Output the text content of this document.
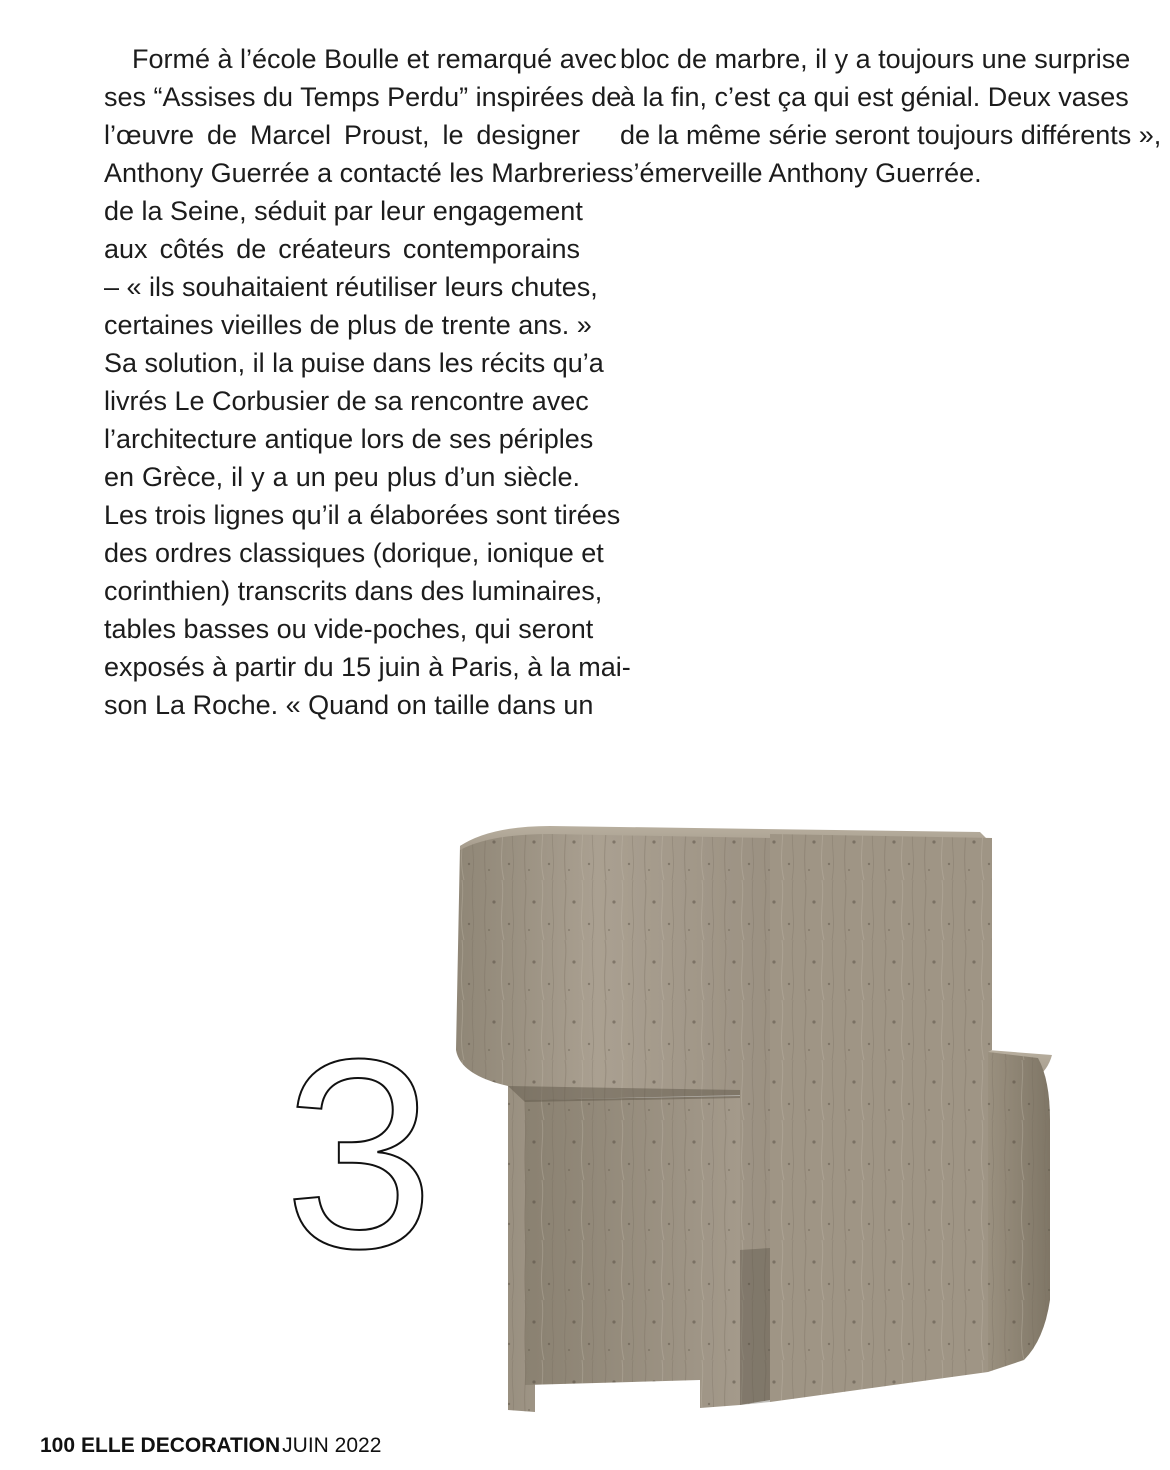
Formé à l’école Boulle et remarqué avec
ses “Assises du Temps Perdu” inspirées de
l’œuvre de Marcel Proust, le designer
Anthony Guerrée a contacté les Marbreries
de la Seine, séduit par leur engagement
aux côtés de créateurs contemporains
– « ils souhaitaient réutiliser leurs chutes,
certaines vieilles de plus de trente ans. »
Sa solution, il la puise dans les récits qu’a
livrés Le Corbusier de sa rencontre avec
l’architecture antique lors de ses périples
en Grèce, il y a un peu plus d’un siècle.
Les trois lignes qu’il a élaborées sont tirées
des ordres classiques (dorique, ionique et
corinthien) transcrits dans des luminaires,
tables basses ou vide-poches, qui seront
exposés à partir du 15 juin à Paris, à la mai-
son La Roche. « Quand on taille dans un
bloc de marbre, il y a toujours une surprise
à la fin, c’est ça qui est génial. Deux vases
de la même série seront toujours différents »,
s’émerveille Anthony Guerrée.
3
100 ELLE DECORATIONJUIN 2022
